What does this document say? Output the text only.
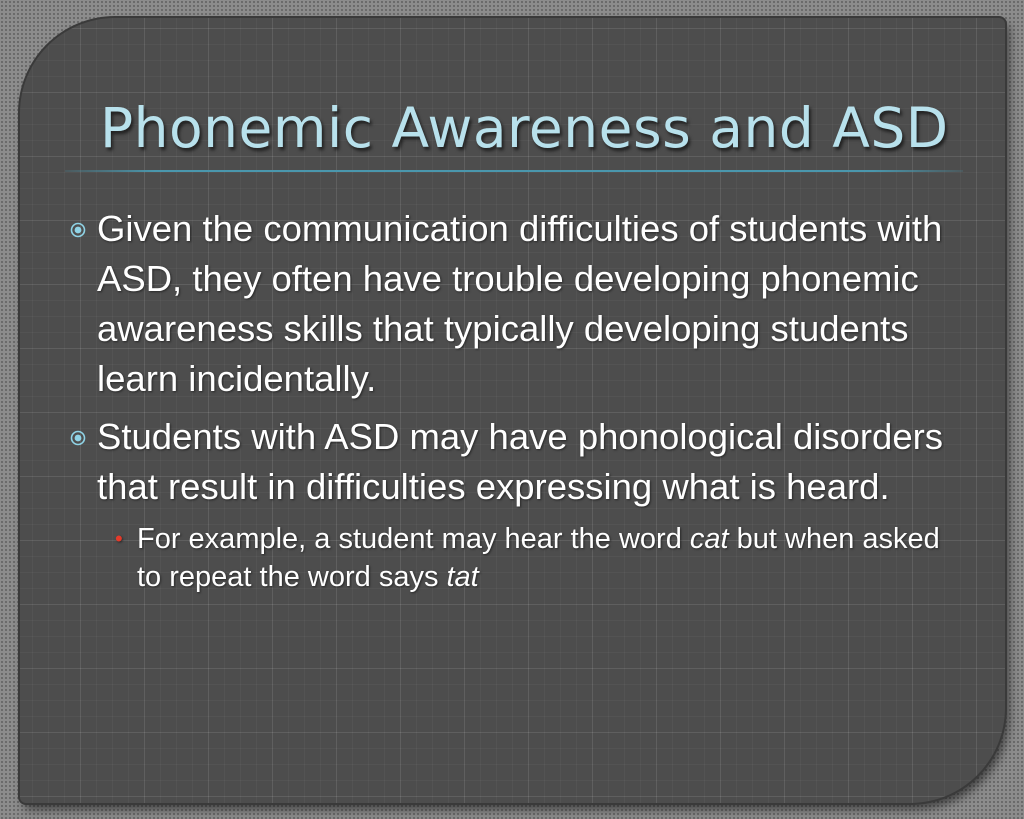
Phonemic Awareness and ASD
Given the communication difficulties of students with ASD, they often have trouble developing phonemic awareness skills that typically developing students learn incidentally.
Students with ASD may have phonological disorders that result in difficulties expressing what is heard.
• For example, a student may hear the word cat but when asked to repeat the word says tat
